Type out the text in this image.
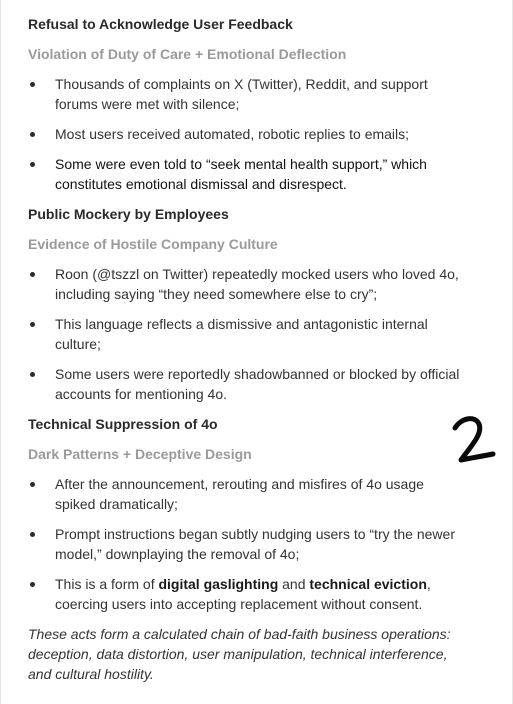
Refusal to Acknowledge User Feedback
Violation of Duty of Care + Emotional Deflection
Thousands of complaints on X (Twitter), Reddit, and support
forums were met with silence;
Most users received automated, robotic replies to emails;
Some were even told to “seek mental health support,” which
constitutes emotional dismissal and disrespect.
Public Mockery by Employees
Evidence of Hostile Company Culture
Roon (@tszzl on Twitter) repeatedly mocked users who loved 4o,
including saying “they need somewhere else to cry”;
This language reflects a dismissive and antagonistic internal
culture;
Some users were reportedly shadowbanned or blocked by official
accounts for mentioning 4o.
Technical Suppression of 4o
Dark Patterns + Deceptive Design
After the announcement, rerouting and misfires of 4o usage
spiked dramatically;
Prompt instructions began subtly nudging users to “try the newer
model,” downplaying the removal of 4o;
This is a form of digital gaslighting and technical eviction,
coercing users into accepting replacement without consent.

These acts form a calculated chain of bad-faith business operations:
deception, data distortion, user manipulation, technical interference,
and cultural hostility.
